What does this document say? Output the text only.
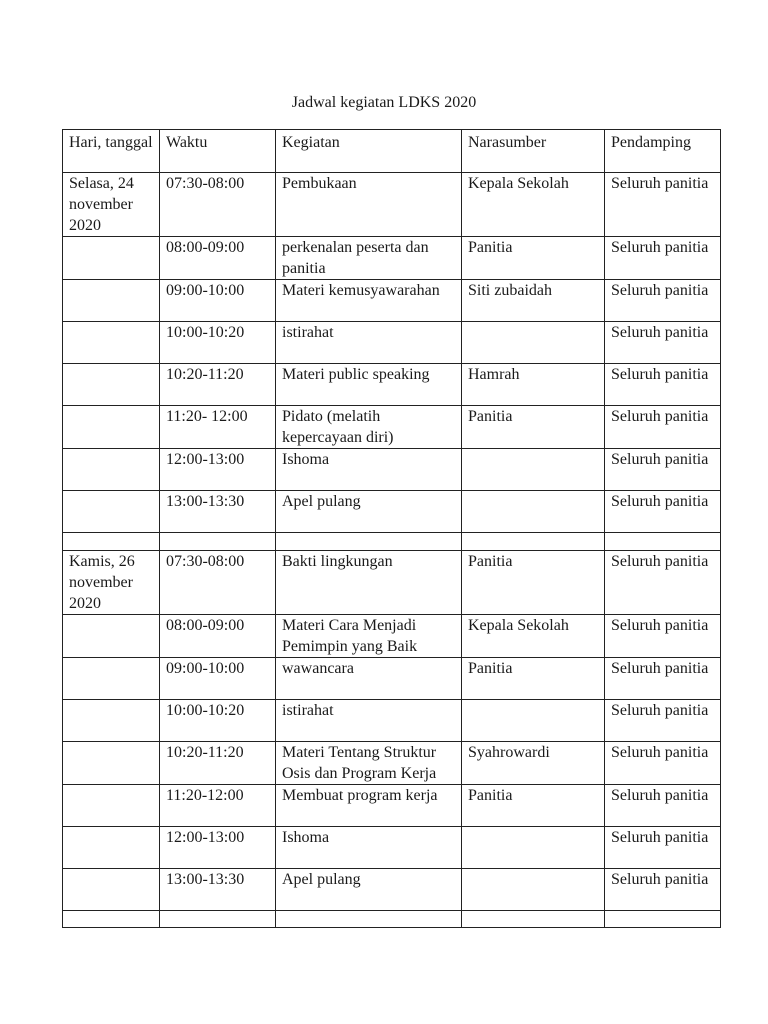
Jadwal kegiatan LDKS 2020
Hari, tanggal	Waktu	Kegiatan	Narasumber	Pendamping
Selasa, 24 november 2020	07:30-08:00	Pembukaan	Kepala Sekolah	Seluruh panitia
	08:00-09:00	perkenalan peserta dan panitia	Panitia	Seluruh panitia
	09:00-10:00	Materi kemusyawarahan	Siti zubaidah	Seluruh panitia
	10:00-10:20	istirahat		Seluruh panitia
	10:20-11:20	Materi public speaking	Hamrah	Seluruh panitia
	11:20- 12:00	Pidato (melatih kepercayaan diri)	Panitia	Seluruh panitia
	12:00-13:00	Ishoma		Seluruh panitia
	13:00-13:30	Apel pulang		Seluruh panitia

Kamis, 26 november 2020	07:30-08:00	Bakti lingkungan	Panitia	Seluruh panitia
	08:00-09:00	Materi Cara Menjadi Pemimpin yang Baik	Kepala Sekolah	Seluruh panitia
	09:00-10:00	wawancara	Panitia	Seluruh panitia
	10:00-10:20	istirahat		Seluruh panitia
	10:20-11:20	Materi Tentang Struktur Osis dan Program Kerja	Syahrowardi	Seluruh panitia
	11:20-12:00	Membuat program kerja	Panitia	Seluruh panitia
	12:00-13:00	Ishoma		Seluruh panitia
	13:00-13:30	Apel pulang		Seluruh panitia
